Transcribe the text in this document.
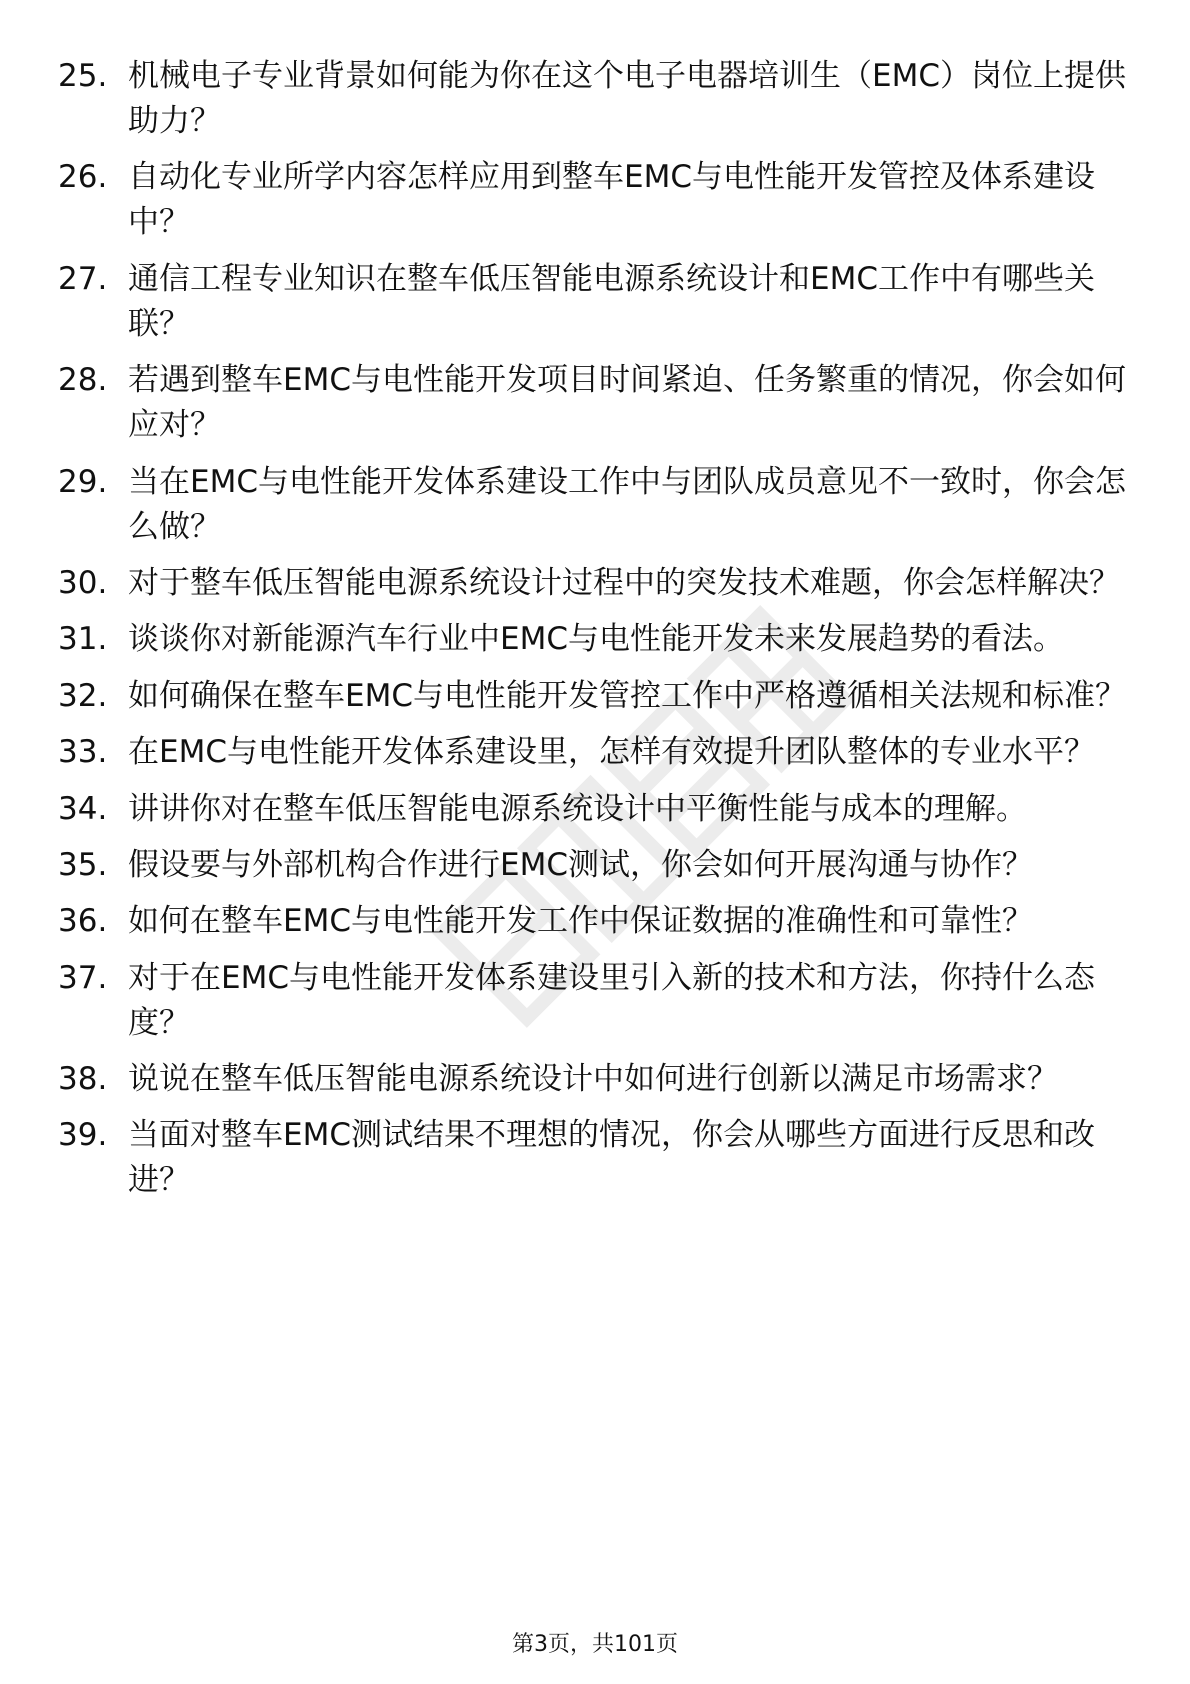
25. 机械电子专业背景如何能为你在这个电子电器培训生（EMC）岗位上提供助力？
26. 自动化专业所学内容怎样应用到整车EMC与电性能开发管控及体系建设中？
27. 通信工程专业知识在整车低压智能电源系统设计和EMC工作中有哪些关联？
28. 若遇到整车EMC与电性能开发项目时间紧迫、任务繁重的情况，你会如何应对？
29. 当在EMC与电性能开发体系建设工作中与团队成员意见不一致时，你会怎么做？
30. 对于整车低压智能电源系统设计过程中的突发技术难题，你会怎样解决？
31. 谈谈你对新能源汽车行业中EMC与电性能开发未来发展趋势的看法。
32. 如何确保在整车EMC与电性能开发管控工作中严格遵循相关法规和标准？
33. 在EMC与电性能开发体系建设里，怎样有效提升团队整体的专业水平？
34. 讲讲你对在整车低压智能电源系统设计中平衡性能与成本的理解。
35. 假设要与外部机构合作进行EMC测试，你会如何开展沟通与协作？
36. 如何在整车EMC与电性能开发工作中保证数据的准确性和可靠性？
37. 对于在EMC与电性能开发体系建设里引入新的技术和方法，你持什么态度？
38. 说说在整车低压智能电源系统设计中如何进行创新以满足市场需求？
39. 当面对整车EMC测试结果不理想的情况，你会从哪些方面进行反思和改进？
第3页，共101页
